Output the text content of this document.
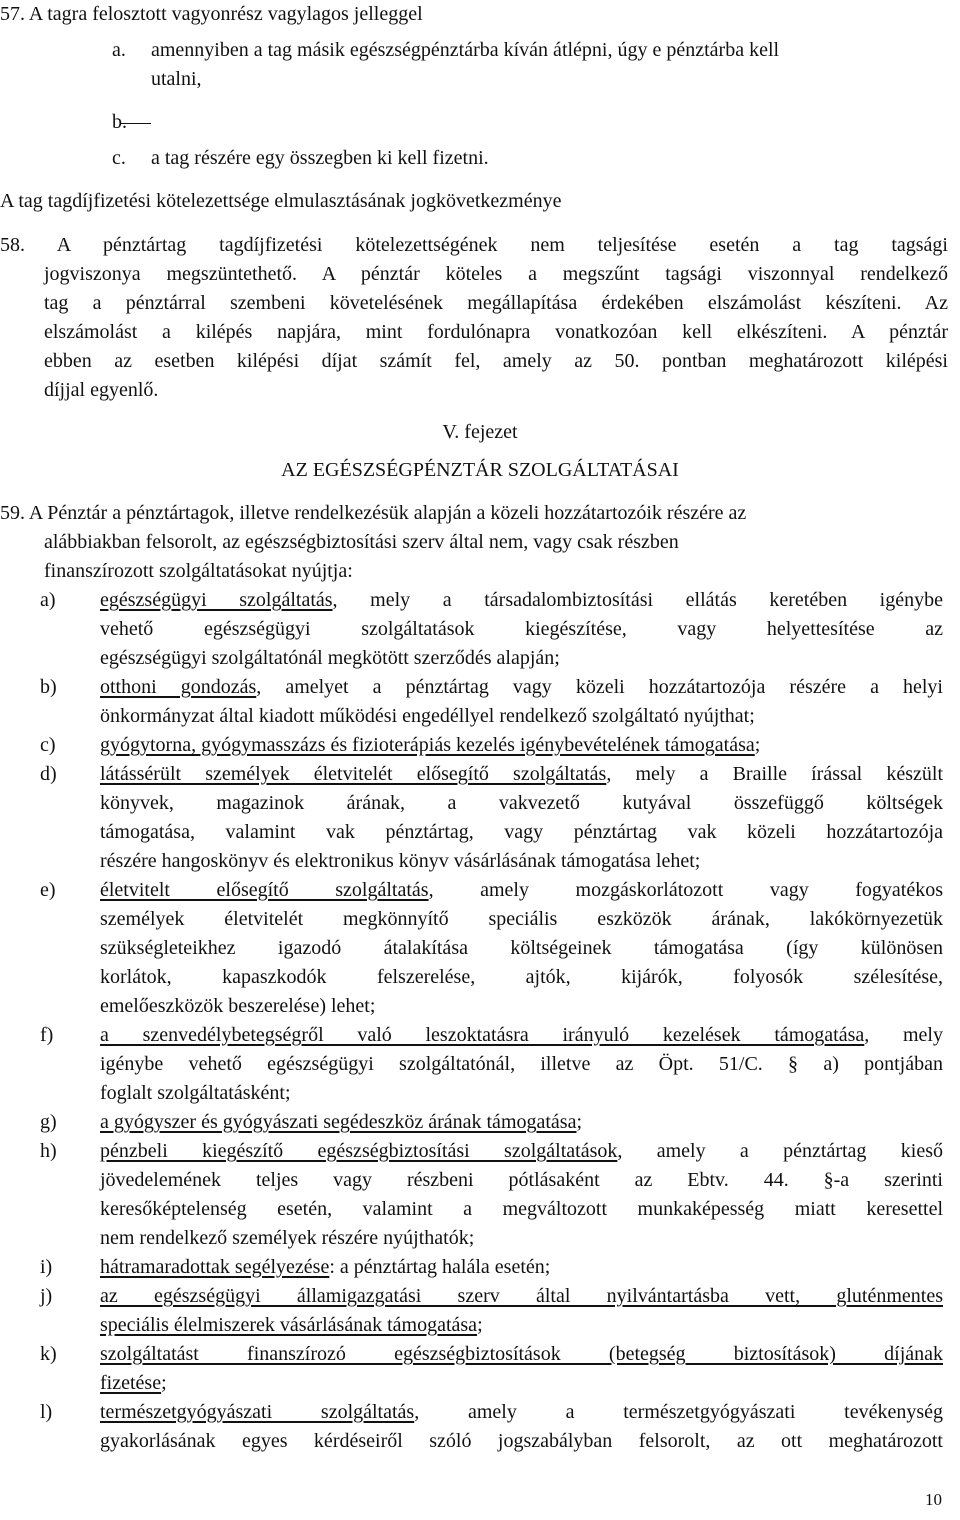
57. A tagra felosztott vagyonrész vagylagos jelleggel
a. amennyiben a tag másik egészségpénztárba kíván átlépni, úgy e pénztárba kell
utalni,
b.
c. a tag részére egy összegben ki kell fizetni.
A tag tagdíjfizetési kötelezettsége elmulasztásának jogkövetkezménye
58. A pénztártag tagdíjfizetési kötelezettségének nem teljesítése esetén a tag tagsági
jogviszonya megszüntethető. A pénztár köteles a megszűnt tagsági viszonnyal rendelkező
tag a pénztárral szembeni követelésének megállapítása érdekében elszámolást készíteni. Az
elszámolást a kilépés napjára, mint fordulónapra vonatkozóan kell elkészíteni. A pénztár
ebben az esetben kilépési díjat számít fel, amely az 50. pontban meghatározott kilépési
díjjal egyenlő.
V. fejezet
AZ EGÉSZSÉGPÉNZTÁR SZOLGÁLTATÁSAI
59. A Pénztár a pénztártagok, illetve rendelkezésük alapján a közeli hozzátartozóik részére az
alábbiakban felsorolt, az egészségbiztosítási szerv által nem, vagy csak részben
finanszírozott szolgáltatásokat nyújtja:
a) egészségügyi szolgáltatás, mely a társadalombiztosítási ellátás keretében igénybe
vehető egészségügyi szolgáltatások kiegészítése, vagy helyettesítése az
egészségügyi szolgáltatónál megkötött szerződés alapján;
b) otthoni gondozás, amelyet a pénztártag vagy közeli hozzátartozója részére a helyi
önkormányzat által kiadott működési engedéllyel rendelkező szolgáltató nyújthat;
c) gyógytorna, gyógymasszázs és fizioterápiás kezelés igénybevételének támogatása;
d) látássérült személyek életvitelét elősegítő szolgáltatás, mely a Braille írással készült
könyvek, magazinok árának, a vakvezető kutyával összefüggő költségek
támogatása, valamint vak pénztártag, vagy pénztártag vak közeli hozzátartozója
részére hangoskönyv és elektronikus könyv vásárlásának támogatása lehet;
e) életvitelt elősegítő szolgáltatás, amely mozgáskorlátozott vagy fogyatékos
személyek életvitelét megkönnyítő speciális eszközök árának, lakókörnyezetük
szükségleteikhez igazodó átalakítása költségeinek támogatása (így különösen
korlátok, kapaszkodók felszerelése, ajtók, kijárók, folyosók szélesítése,
emelőeszközök beszerelése) lehet;
f) a szenvedélybetegségről való leszoktatásra irányuló kezelések támogatása, mely
igénybe vehető egészségügyi szolgáltatónál, illetve az Öpt. 51/C. § a) pontjában
foglalt szolgáltatásként;
g) a gyógyszer és gyógyászati segédeszköz árának támogatása;
h) pénzbeli kiegészítő egészségbiztosítási szolgáltatások, amely a pénztártag kieső
jövedelemének teljes vagy részbeni pótlásaként az Ebtv. 44. §-a szerinti
keresőképtelenség esetén, valamint a megváltozott munkaképesség miatt keresettel
nem rendelkező személyek részére nyújthatók;
i) hátramaradottak segélyezése: a pénztártag halála esetén;
j) az egészségügyi államigazgatási szerv által nyilvántartásba vett, gluténmentes
speciális élelmiszerek vásárlásának támogatása;
k) szolgáltatást finanszírozó egészségbiztosítások (betegség biztosítások) díjának
fizetése;
l) természetgyógyászati szolgáltatás, amely a természetgyógyászati tevékenység
gyakorlásának egyes kérdéseiről szóló jogszabályban felsorolt, az ott meghatározott
10
